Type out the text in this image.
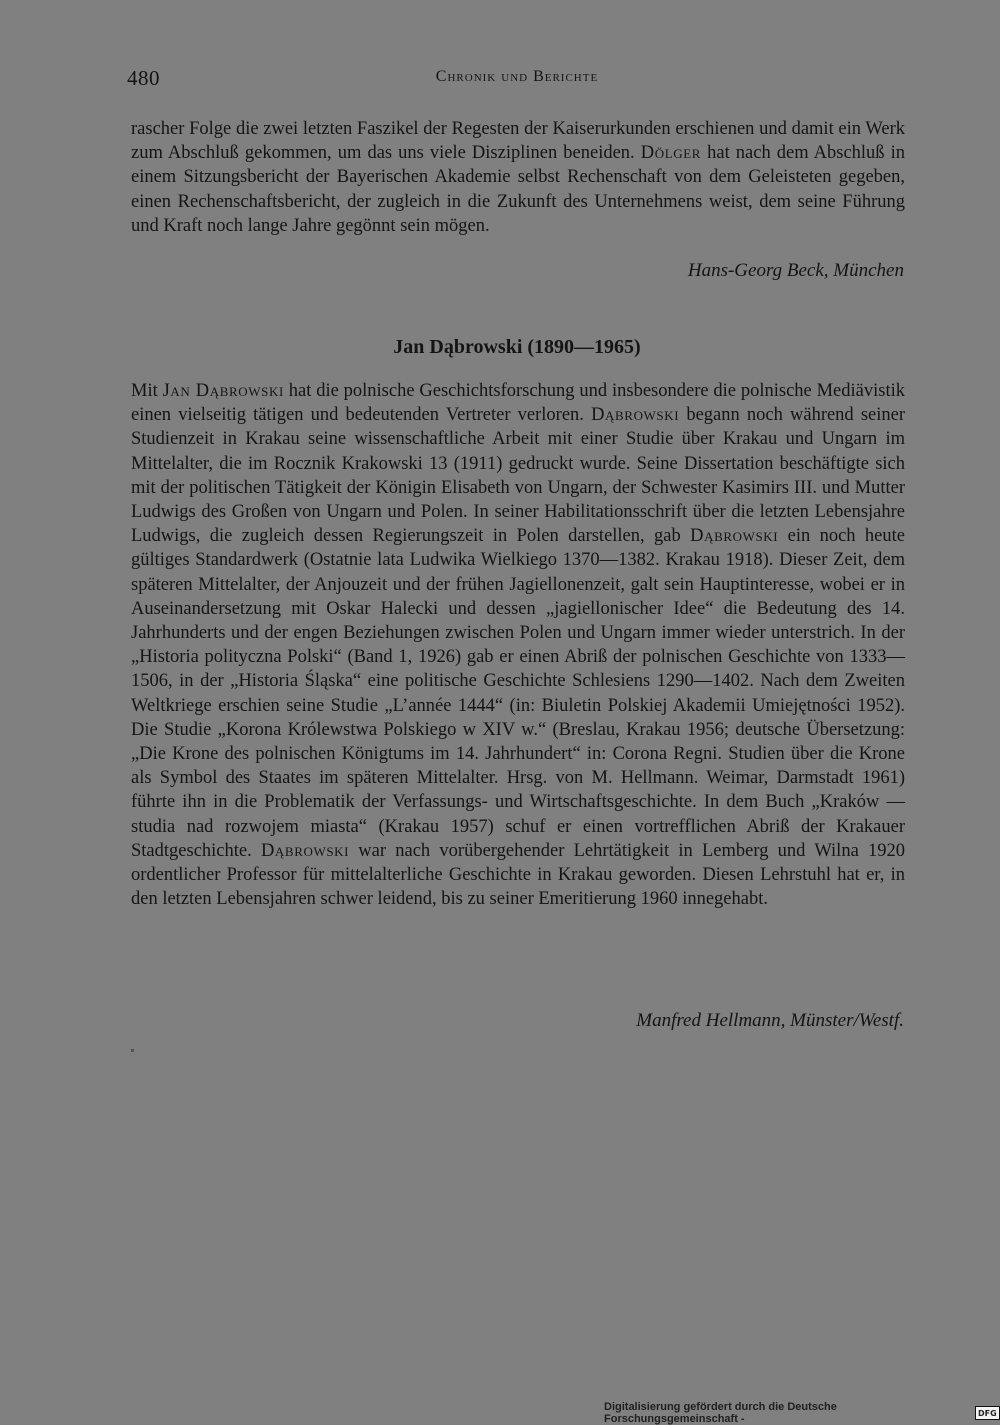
480	Chronik und Berichte

rascher Folge die zwei letzten Faszikel der Regesten der Kaiserurkunden erschienen und damit ein Werk zum Abschluß gekommen, um das uns viele Disziplinen beneiden. Dölger hat nach dem Abschluß in einem Sitzungsbericht der Bayerischen Akademie selbst Rechenschaft von dem Geleisteten gegeben, einen Rechenschaftsbericht, der zugleich in die Zukunft des Unternehmens weist, dem seine Führung und Kraft noch lange Jahre gegönnt sein mögen.

Hans-Georg Beck, München
Jan Dąbrowski (1890—1965)

Mit Jan Dąbrowski hat die polnische Geschichtsforschung und insbesondere die polnische Mediävistik einen vielseitig tätigen und bedeutenden Vertreter verloren. Dąbrowski begann noch während seiner Studienzeit in Krakau seine wissenschaftliche Arbeit mit einer Studie über Krakau und Ungarn im Mittelalter, die im Rocznik Krakowski 13 (1911) gedruckt wurde. Seine Dissertation beschäftigte sich mit der politischen Tätigkeit der Königin Elisabeth von Ungarn, der Schwester Kasimirs III. und Mutter Ludwigs des Großen von Ungarn und Polen. In seiner Habilitationsschrift über die letzten Lebensjahre Ludwigs, die zugleich dessen Regierungszeit in Polen darstellen, gab Dąbrowski ein noch heute gültiges Standardwerk (Ostatnie lata Ludwika Wielkiego 1370—1382. Krakau 1918). Dieser Zeit, dem späteren Mittelalter, der Anjouzeit und der frühen Jagiellonenzeit, galt sein Hauptinteresse, wobei er in Auseinandersetzung mit Oskar Halecki und dessen „jagiellonischer Idee“ die Bedeutung des 14. Jahrhunderts und der engen Beziehungen zwischen Polen und Ungarn immer wieder unterstrich. In der „Historia polityczna Polski“ (Band 1, 1926) gab er einen Abriß der polnischen Geschichte von 1333—1506, in der „Historia Śląska“ eine politische Geschichte Schlesiens 1290—1402. Nach dem Zweiten Weltkriege erschien seine Studie „L’année 1444“ (in: Biuletin Polskiej Akademii Umiejętności 1952). Die Studie „Korona Królewstwa Polskiego w XIV w.“ (Breslau, Krakau 1956; deutsche Übersetzung: „Die Krone des polnischen Königtums im 14. Jahrhundert“ in: Corona Regni. Studien über die Krone als Symbol des Staates im späteren Mittelalter. Hrsg. von M. Hellmann. Weimar, Darmstadt 1961) führte ihn in die Problematik der Verfassungs- und Wirtschaftsgeschichte. In dem Buch „Kraków — studia nad rozwojem miasta“ (Krakau 1957) schuf er einen vortrefflichen Abriß der Krakauer Stadtgeschichte. Dąbrowski war nach vorübergehender Lehrtätigkeit in Lemberg und Wilna 1920 ordentlicher Professor für mittelalterliche Geschichte in Krakau geworden. Diesen Lehrstuhl hat er, in den letzten Lebensjahren schwer leidend, bis zu seiner Emeritierung 1960 innegehabt.

Manfred Hellmann, Münster/Westf.
Digitalisierung gefördert durch die Deutsche Forschungsgemeinschaft -	DFG
